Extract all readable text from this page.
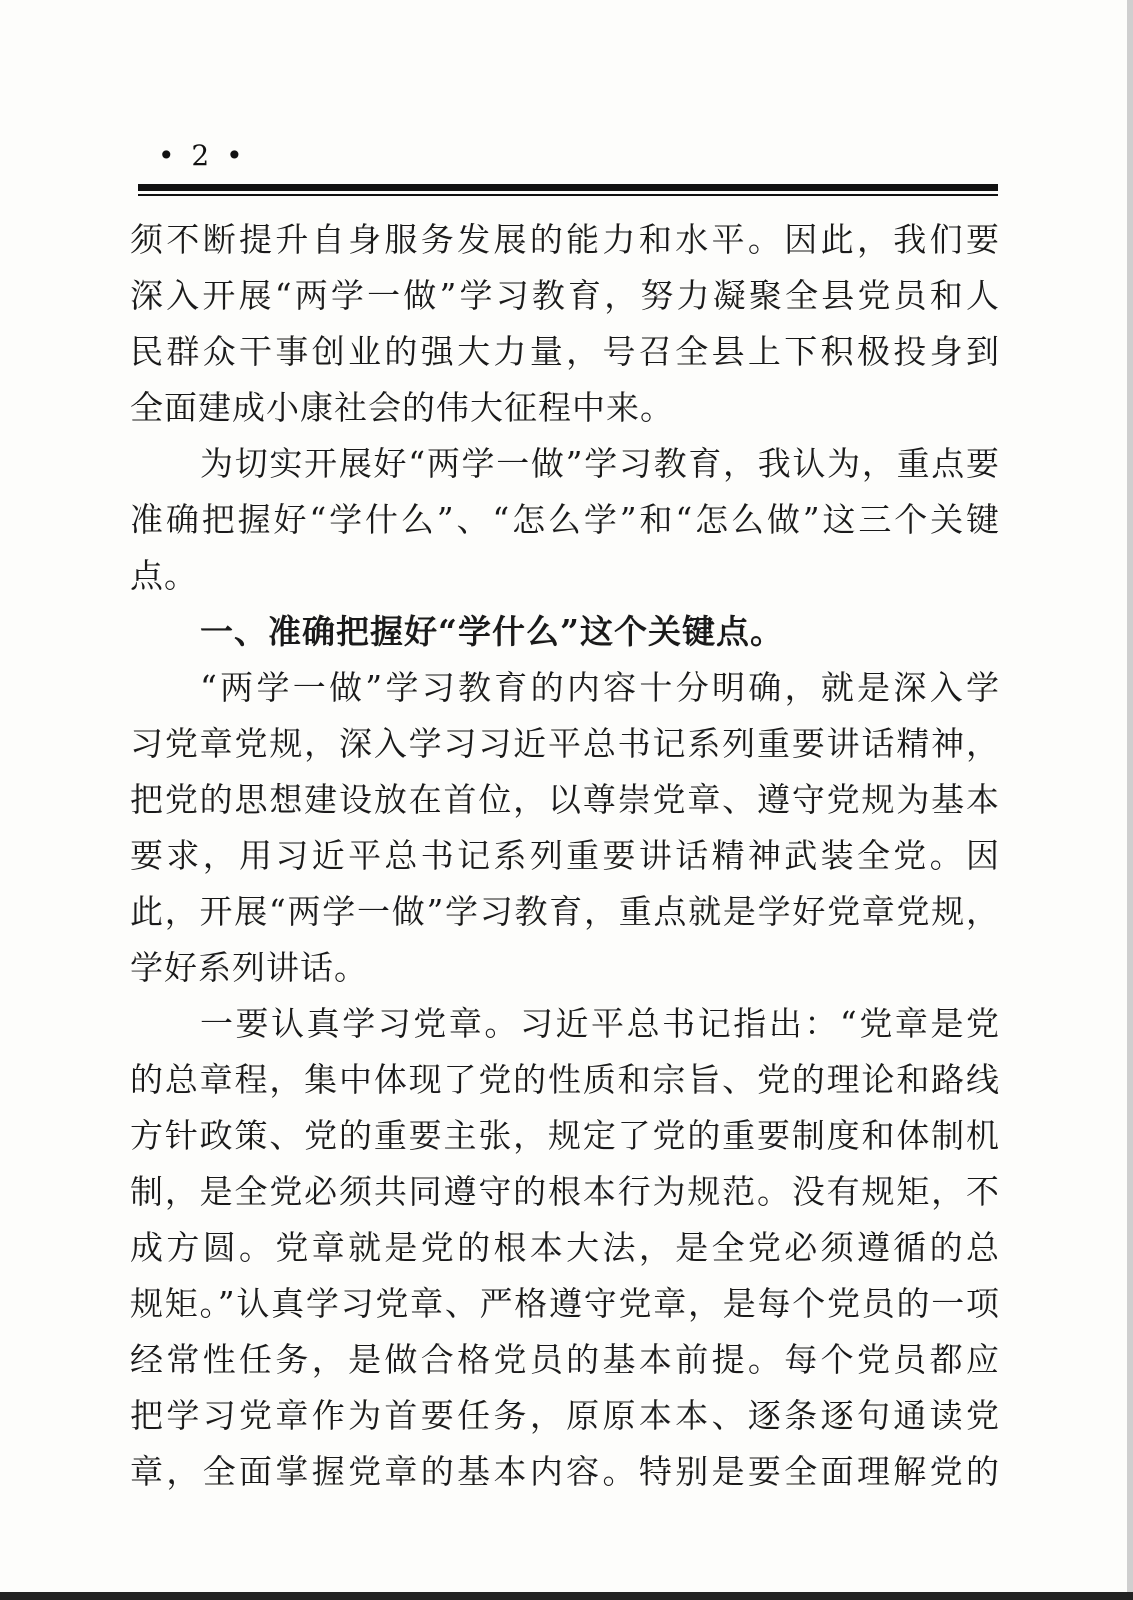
• 2 •
须不断提升自身服务发展的能力和水平。因此，我们要
深入开展“两学一做”学习教育，努力凝聚全县党员和人
民群众干事创业的强大力量，号召全县上下积极投身到
全面建成小康社会的伟大征程中来。
为切实开展好“两学一做”学习教育，我认为，重点要
准确把握好“学什么”、“怎么学”和“怎么做”这三个关键
点。
一、准确把握好“学什么”这个关键点。
“两学一做”学习教育的内容十分明确，就是深入学
习党章党规，深入学习习近平总书记系列重要讲话精神，
把党的思想建设放在首位，以尊崇党章、遵守党规为基本
要求，用习近平总书记系列重要讲话精神武装全党。因
此，开展“两学一做”学习教育，重点就是学好党章党规，
学好系列讲话。
一要认真学习党章。习近平总书记指出：“党章是党
的总章程，集中体现了党的性质和宗旨、党的理论和路线
方针政策、党的重要主张，规定了党的重要制度和体制机
制，是全党必须共同遵守的根本行为规范。没有规矩，不
成方圆。党章就是党的根本大法，是全党必须遵循的总
规矩。”认真学习党章、严格遵守党章，是每个党员的一项
经常性任务，是做合格党员的基本前提。每个党员都应
把学习党章作为首要任务，原原本本、逐条逐句通读党
章，全面掌握党章的基本内容。特别是要全面理解党的
